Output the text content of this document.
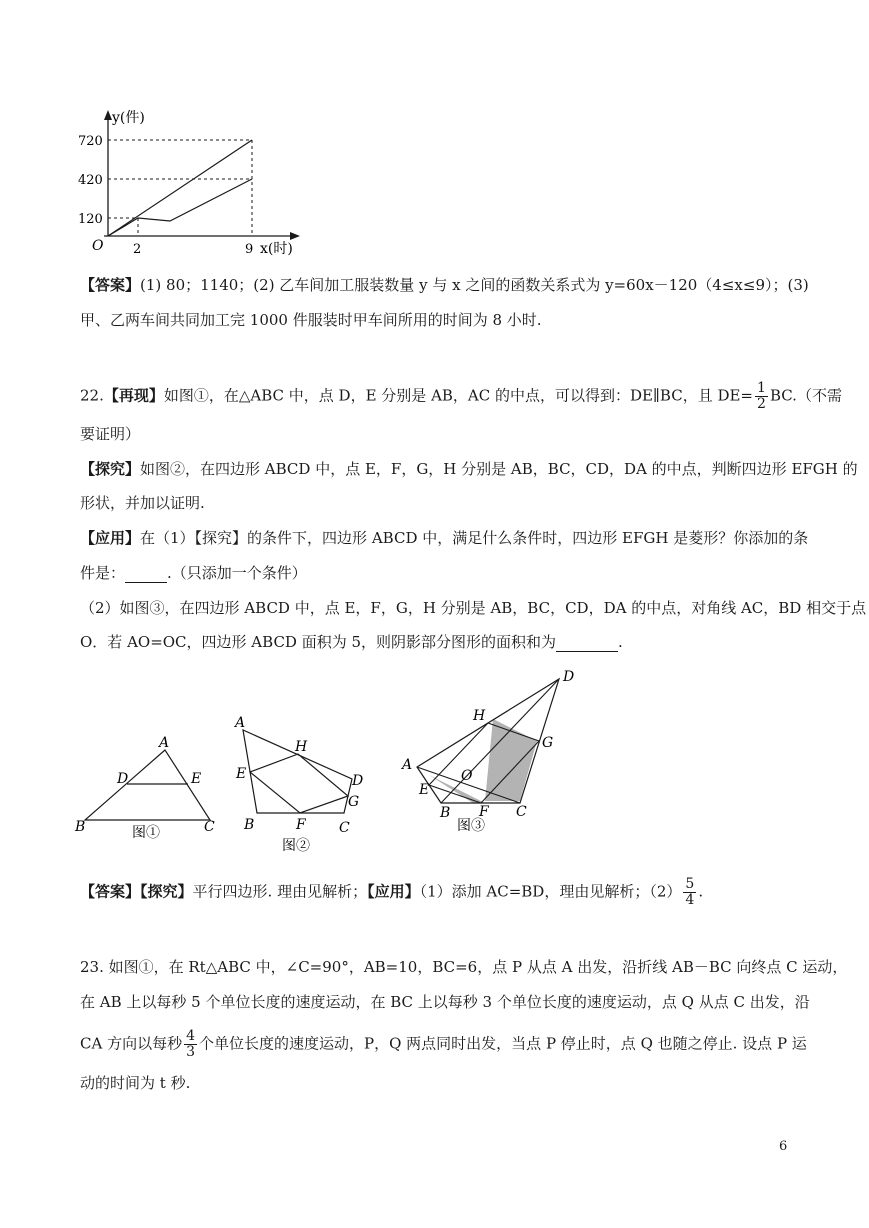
y(件)
O
720
420
120
2	9 x(时)
【答案】(1) 80；1140；(2) 乙车间加工服装数量 y 与 x 之间的函数关系式为 y=60x－120（4≤x≤9）；(3)
甲、乙两车间共同加工完 1000 件服装时甲车间所用的时间为 8 小时.
22.【再现】如图①，在△ABC 中，点 D，E 分别是 AB，AC 的中点，可以得到：DE∥BC，且 $DE= \frac{1}{2} BC$.（不需
要证明）
【探究】如图②，在四边形 ABCD 中，点 E，F，G，H 分别是 AB，BC，CD，DA 的中点，判断四边形 EFGH 的
形状，并加以证明.
【应用】在（1）【探究】的条件下，四边形 ABCD 中，满足什么条件时，四边形 EFGH 是菱形？你添加的条
件是：	.（只添加一个条件）
（2）如图③，在四边形 ABCD 中，点 E，F，G，H 分别是 AB，BC，CD，DA 的中点，对角线 AC，BD 相交于点
O．若 AO=OC，四边形 ABCD 面积为 5，则阴影部分图形的面积和为	.
A
B	C
D	E
图①
A
B	C
D
E
F
G
H
图②
A
B	C
D
E
F
G
H
O
图③
【答案】【探究】平行四边形. 理由见解析；【应用】（1）添加 AC=BD，理由见解析；$(2) \frac{5}{4}$ .
23. 如图①，在 Rt△ABC 中，∠C=90°，AB=10，BC=6，点 P 从点 A 出发，沿折线 AB－BC 向终点 C 运动，
在 AB 上以每秒 5 个单位长度的速度运动，在 BC 上以每秒 3 个单位长度的速度运动，点 Q 从点 C 出发，沿
CA 方向以每秒 $\frac{4}{3}$ 个单位长度的速度运动，P，Q 两点同时出发，当点 P 停止时，点 Q 也随之停止. 设点 P 运
动的时间为 t 秒.
6
